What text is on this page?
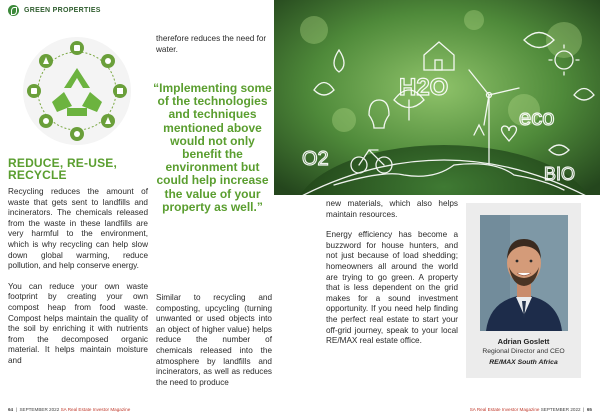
GREEN PROPERTIES
REDUCE, RE-USE,
RECYCLE

Recycling reduces the amount of waste that gets sent to landfills and incinerators. The chemicals released from the waste in these landfills are very harmful to the environment, which is why recycling can help slow down global warming, reduce pollution, and help conserve energy.

You can reduce your own waste footprint by creating your own compost heap from food waste. Compost helps maintain the quality of the soil by enriching it with nutrients from the decomposed organic material. It helps maintain moisture and

therefore reduces the need for water.
“Implementing some of the technologies and techniques mentioned above would not only benefit the environment but could help increase the value of your property as well.”
Similar to recycling and composting, upcycling (turning unwanted or used objects into an object of higher value) helps reduce the number of chemicals released into the atmosphere by landfills and incinerators, as well as reduces the need to produce
H2O
eco
BIO
O2

new materials, which also helps maintain resources.

Energy efficiency has become a buzzword for house hunters, and not just because of load shedding; homeowners all around the world are trying to go green. A property that is less dependent on the grid makes for a sound investment opportunity. If you need help finding the perfect real estate to start your off-grid journey, speak to your local RE/MAX real estate office.	Adrian Goslett
Regional Director and CEO
RE/MAX South Africa
64  |  SEPTEMBER 2022 SA Real Estate Investor Magazine	SA Real Estate Investor Magazine SEPTEMBER 2022  |  65
